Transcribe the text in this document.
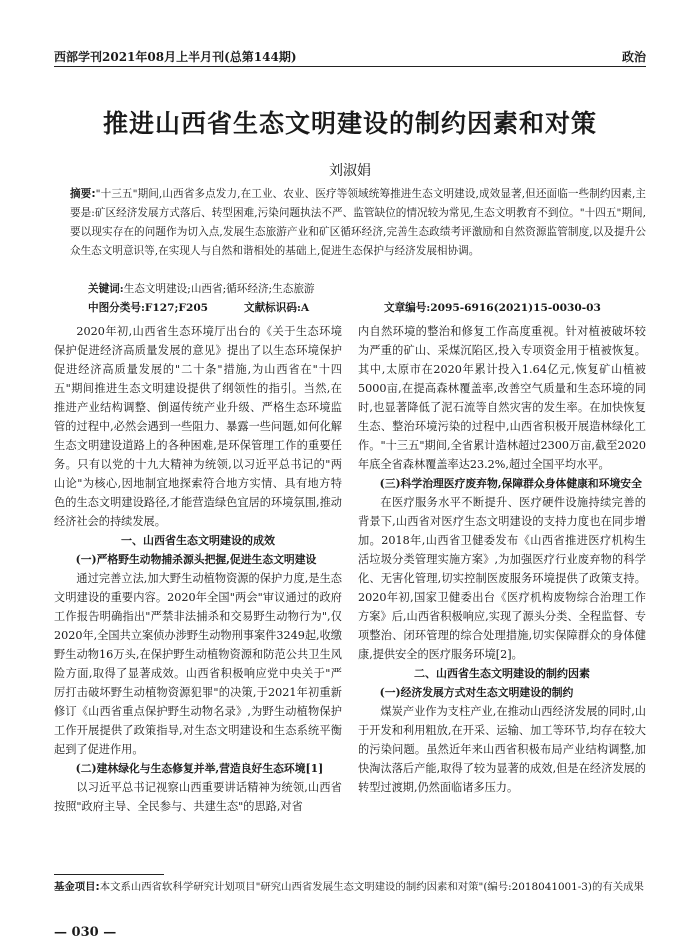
西部学刊2021年08月上半月刊(总第144期)	政治
推进山西省生态文明建设的制约因素和对策
刘淑娟
摘要:"十三五"期间,山西省多点发力,在工业、农业、医疗等领域统筹推进生态文明建设,成效显著,但还面临一些制约因素,主要是:矿区经济发展方式落后、转型困难,污染问题执法不严、监管缺位的情况较为常见,生态文明教育不到位。"十四五"期间,要以现实存在的问题作为切入点,发展生态旅游产业和矿区循环经济,完善生态政绩考评激励和自然资源监管制度,以及提升公众生态文明意识等,在实现人与自然和谐相处的基础上,促进生态保护与经济发展相协调。
关键词:生态文明建设;山西省;循环经济;生态旅游
中图分类号:F127;F205	文献标识码:A	文章编号:2095-6916(2021)15-0030-03

2020年初,山西省生态环境厅出台的《关于生态环境保护促进经济高质量发展的意见》提出了以生态环境保护促进经济高质量发展的"二十条"措施,为山西省在"十四五"期间推进生态文明建设提供了纲领性的指引。当然,在推进产业结构调整、倒逼传统产业升级、严格生态环境监管的过程中,必然会遇到一些阻力、暴露一些问题,如何化解生态文明建设道路上的各种困难,是环保管理工作的重要任务。只有以党的十九大精神为统领,以习近平总书记的"两山论"为核心,因地制宜地探索符合地方实情、具有地方特色的生态文明建设路径,才能营造绿色宜居的环境氛围,推动经济社会的持续发展。

一、山西省生态文明建设的成效

(一)严格野生动物捕杀源头把握,促进生态文明建设

通过完善立法,加大野生动植物资源的保护力度,是生态文明建设的重要内容。2020年全国"两会"审议通过的政府工作报告明确指出"严禁非法捕杀和交易野生动物行为",仅2020年,全国共立案侦办涉野生动物刑事案件3249起,收缴野生动物16万头,在保护野生动植物资源和防范公共卫生风险方面,取得了显著成效。山西省积极响应党中央关于"严厉打击破坏野生动植物资源犯罪"的决策,于2021年初重新修订《山西省重点保护野生动物名录》,为野生动植物保护工作开展提供了政策指导,对生态文明建设和生态系统平衡起到了促进作用。

(二)建林绿化与生态修复并举,营造良好生态环境[1]

以习近平总书记视察山西重要讲话精神为统领,山西省按照"政府主导、全民参与、共建生态"的思路,对省

内自然环境的整治和修复工作高度重视。针对植被破坏较为严重的矿山、采煤沉陷区,投入专项资金用于植被恢复。其中,太原市在2020年累计投入1.64亿元,恢复矿山植被5000亩,在提高森林覆盖率,改善空气质量和生态环境的同时,也显著降低了泥石流等自然灾害的发生率。在加快恢复生态、整治环境污染的过程中,山西省积极开展造林绿化工作。"十三五"期间,全省累计造林超过2300万亩,截至2020年底全省森林覆盖率达23.2%,超过全国平均水平。

(三)科学治理医疗废弃物,保障群众身体健康和环境安全

在医疗服务水平不断提升、医疗硬件设施持续完善的背景下,山西省对医疗生态文明建设的支持力度也在同步增加。2018年,山西省卫健委发布《山西省推进医疗机构生活垃圾分类管理实施方案》,为加强医疗行业废弃物的科学化、无害化管理,切实控制医废服务环境提供了政策支持。2020年初,国家卫健委出台《医疗机构废物综合治理工作方案》后,山西省积极响应,实现了源头分类、全程监督、专项整治、闭环管理的综合处理措施,切实保障群众的身体健康,提供安全的医疗服务环境[2]。

二、山西省生态文明建设的制约因素

(一)经济发展方式对生态文明建设的制约

煤炭产业作为支柱产业,在推动山西经济发展的同时,山于开发和利用粗放,在开采、运输、加工等环节,均存在较大的污染问题。虽然近年来山西省积极布局产业结构调整,加快淘汰落后产能,取得了较为显著的成效,但是在经济发展的转型过渡期,仍然面临诸多压力。

基金项目:本文系山西省软科学研究计划项目"研究山西省发展生态文明建设的制约因素和对策"(编号:2018041001-3)的有关成果
— 030 —
